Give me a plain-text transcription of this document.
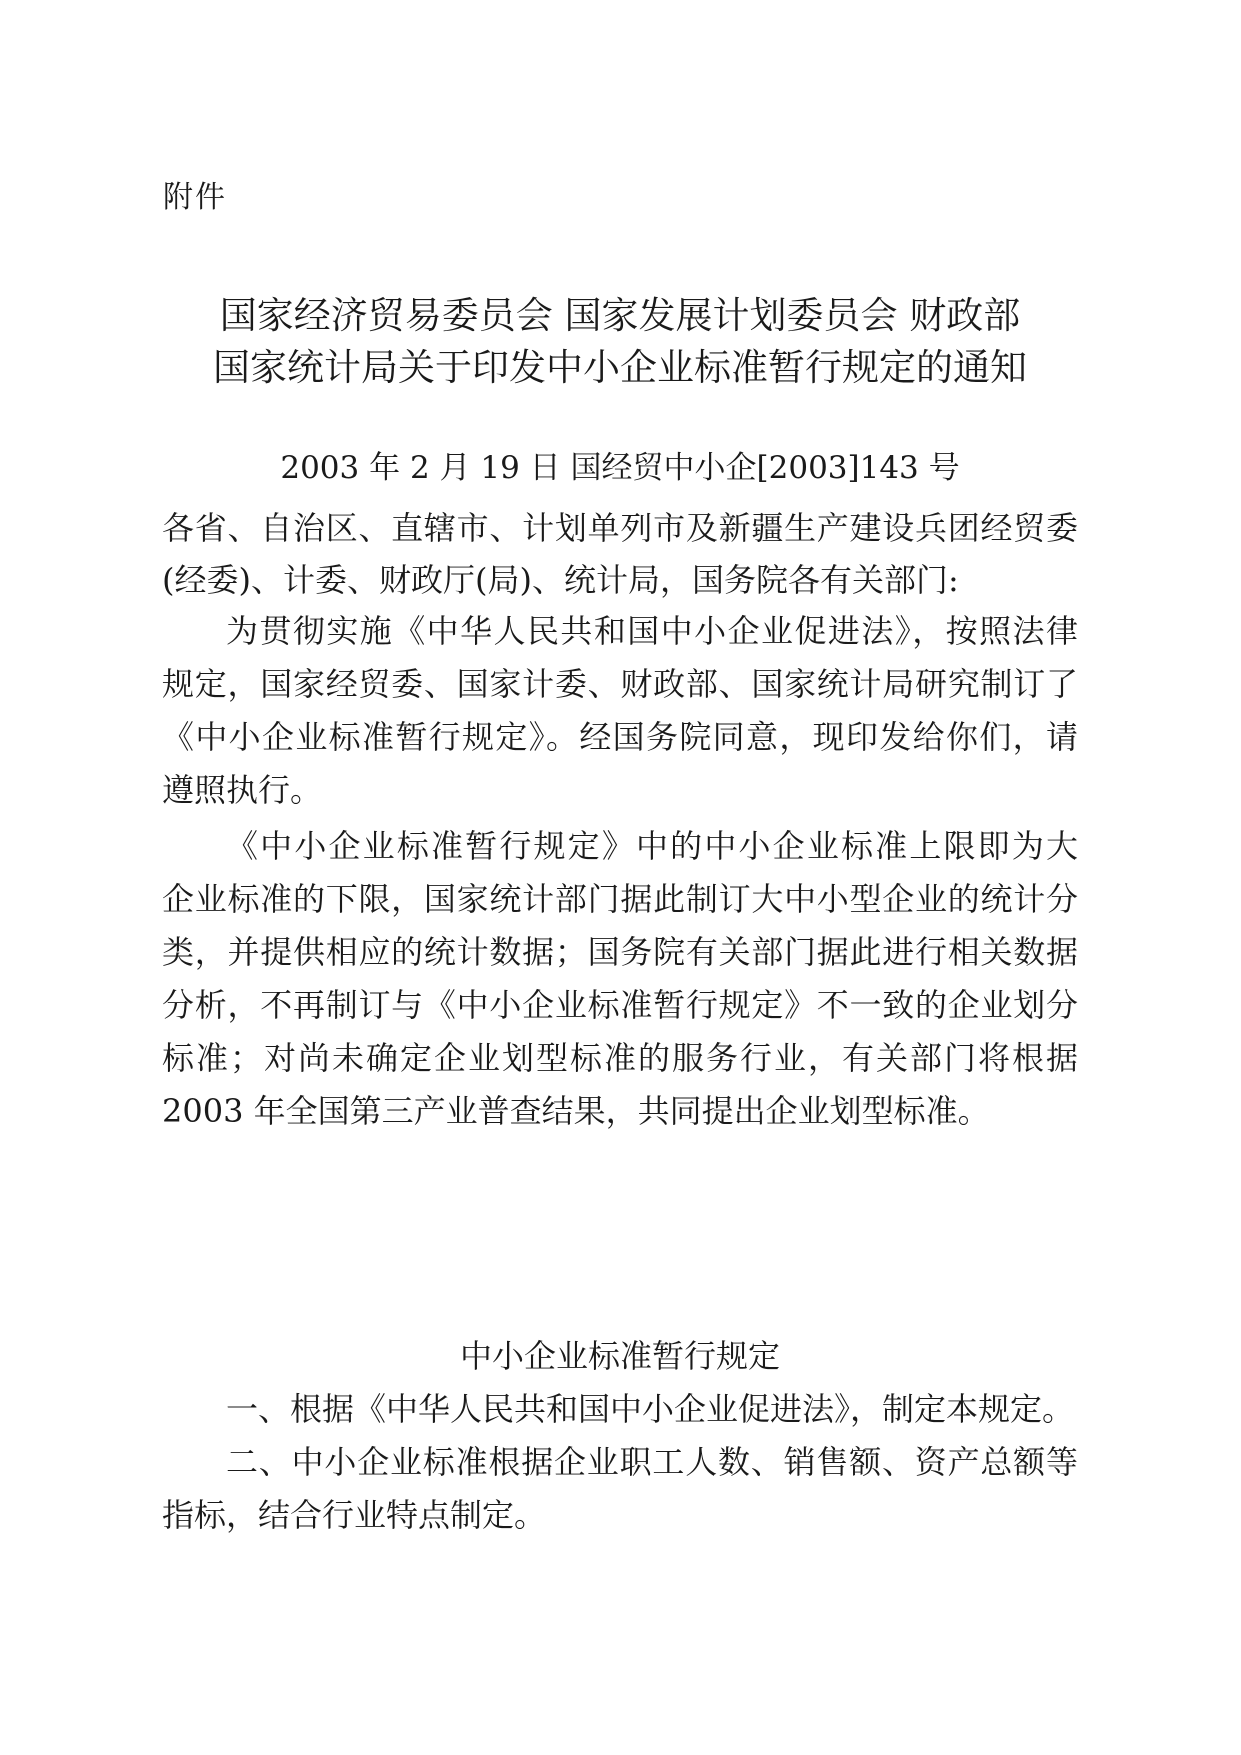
附件
国家经济贸易委员会 国家发展计划委员会 财政部
国家统计局关于印发中小企业标准暂行规定的通知
2003 年 2 月 19 日 国经贸中小企[2003]143 号
各省、自治区、直辖市、计划单列市及新疆生产建设兵团经贸委
(经委)、计委、财政厅(局)、统计局，国务院各有关部门:
为贯彻实施《中华人民共和国中小企业促进法》，按照法律
规定，国家经贸委、国家计委、财政部、国家统计局研究制订了
《中小企业标准暂行规定》。经国务院同意，现印发给你们，请
遵照执行。
《中小企业标准暂行规定》中的中小企业标准上限即为大
企业标准的下限，国家统计部门据此制订大中小型企业的统计分
类，并提供相应的统计数据；国务院有关部门据此进行相关数据
分析，不再制订与《中小企业标准暂行规定》不一致的企业划分
标准；对尚未确定企业划型标准的服务行业，有关部门将根据
2003 年全国第三产业普查结果，共同提出企业划型标准。
中小企业标准暂行规定
一、根据《中华人民共和国中小企业促进法》，制定本规定。
二、中小企业标准根据企业职工人数、销售额、资产总额等
指标，结合行业特点制定。
